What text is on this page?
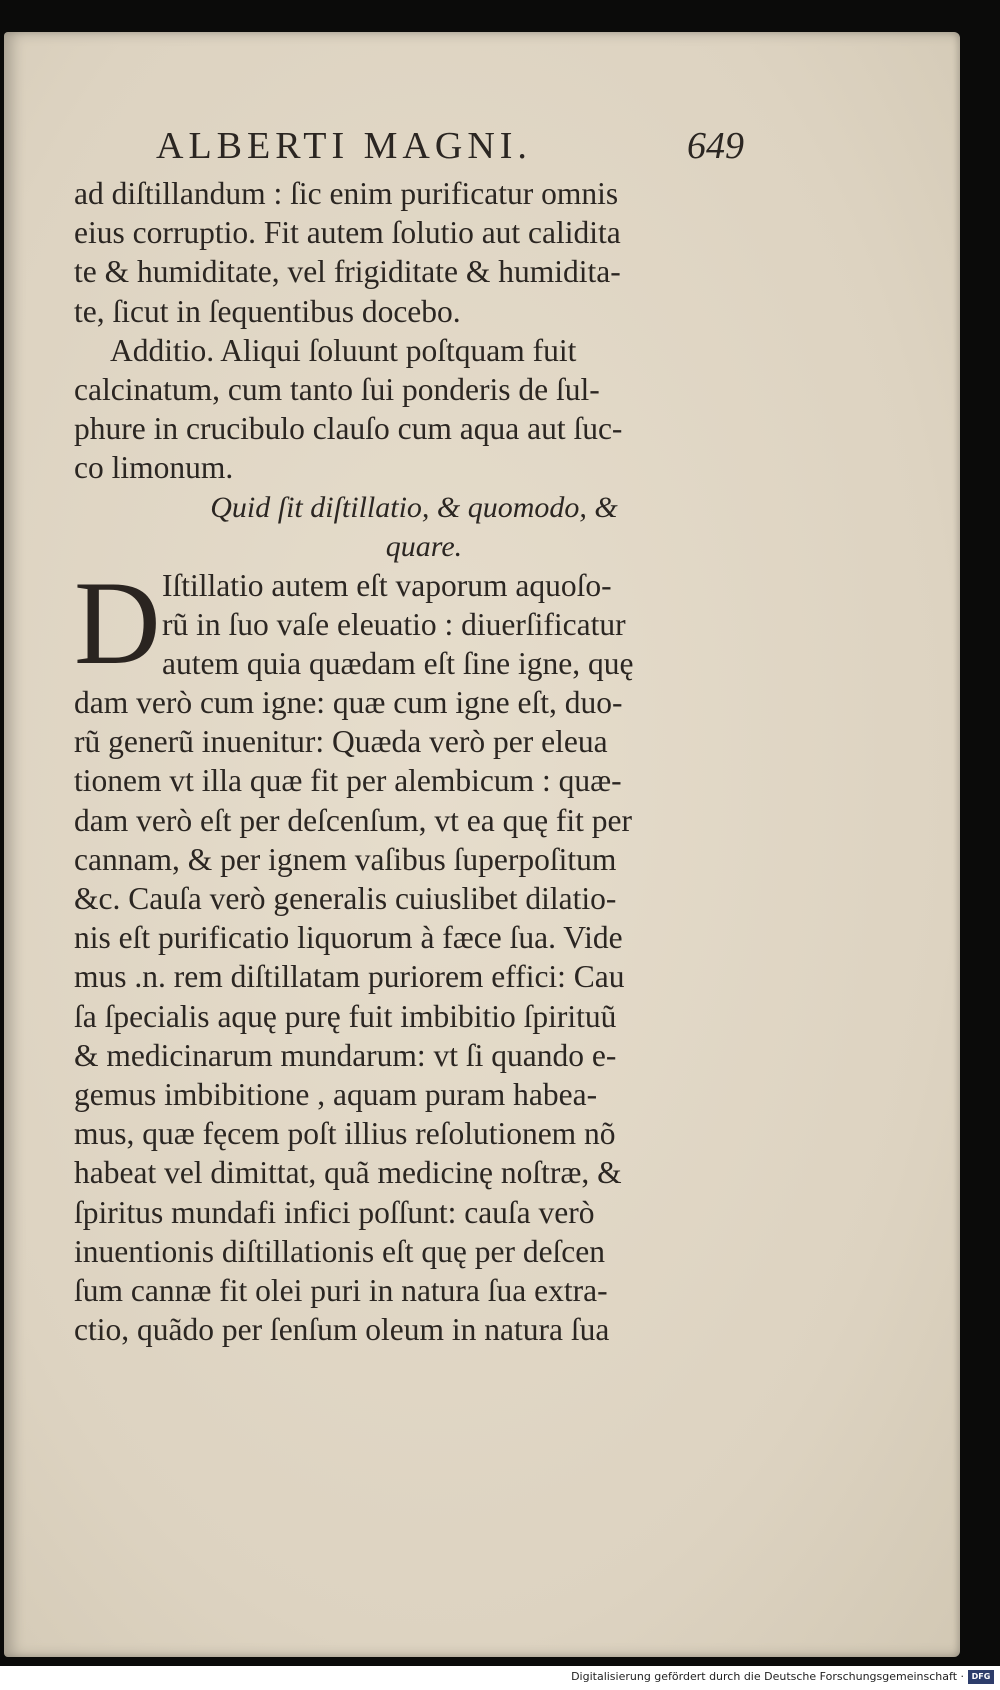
ALBERTI MAGNI.	649
ad diſtillandum : ſic enim purificatur omnis
eius corruptio. Fit autem ſolutio aut calidita
te & humiditate, vel frigiditate & humidita-
te, ſicut in ſequentibus docebo.
Additio. Aliqui ſoluunt poſtquam fuit
calcinatum, cum tanto ſui ponderis de ſul-
phure in crucibulo clauſo cum aqua aut ſuc-
co limonum.
Quid ſit diſtillatio, & quomodo, &
quare.
D Iſtillatio autem eſt vaporum aquoſo-
rũ in ſuo vaſe eleuatio : diuerſificatur
autem quia quædam eſt ſine igne, quę
dam verò cum igne: quæ cum igne eſt, duo-
rũ generũ inuenitur: Quæda verò per eleua
tionem vt illa quæ fit per alembicum : quæ-
dam verò eſt per deſcenſum, vt ea quę fit per
cannam, & per ignem vaſibus ſuperpoſitum
&c. Cauſa verò generalis cuiuslibet dilatio-
nis eſt purificatio liquorum à fæce ſua. Vide
mus .n. rem diſtillatam puriorem effici: Cau
ſa ſpecialis aquę purę fuit imbibitio ſpirituũ
& medicinarum mundarum: vt ſi quando e-
gemus imbibitione , aquam puram habea-
mus, quæ fęcem poſt illius reſolutionem nõ
habeat vel dimittat, quã medicinę noſtræ, &
ſpiritus mundafi infici poſſunt: cauſa verò
inuentionis diſtillationis eſt quę per deſcen
ſum cannæ fit olei puri in natura ſua extra-
ctio, quãdo per ſenſum oleum in natura ſua
Digitalisierung gefördert durch die Deutsche Forschungsgemeinschaft · DFG
